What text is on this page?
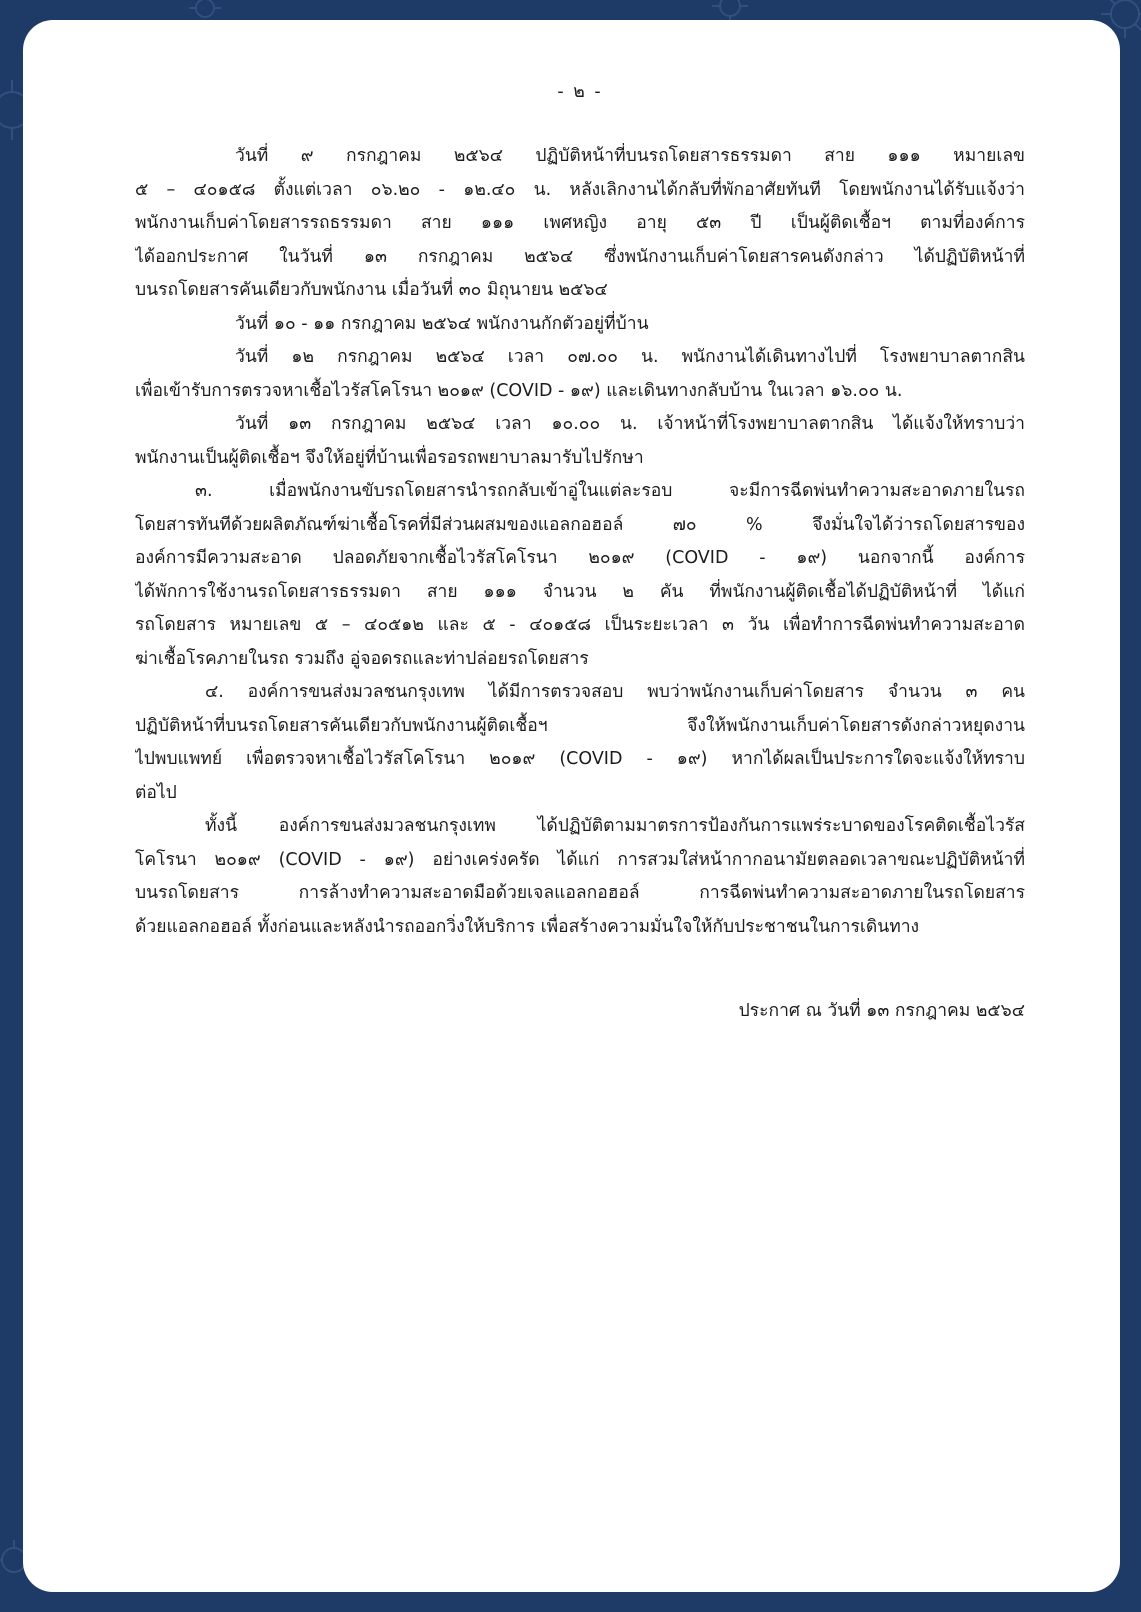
- ๒ -
วันที่ ๙ กรกฎาคม ๒๕๖๔ ปฏิบัติหน้าที่บนรถโดยสารธรรมดา สาย ๑๑๑ หมายเลข
๕ – ๔๐๑๕๘ ตั้งแต่เวลา ๐๖.๒๐ - ๑๒.๔๐ น. หลังเลิกงานได้กลับที่พักอาศัยทันที โดยพนักงานได้รับแจ้งว่า
พนักงานเก็บค่าโดยสารรถธรรมดา สาย ๑๑๑ เพศหญิง อายุ ๕๓ ปี เป็นผู้ติดเชื้อฯ ตามที่องค์การ
ได้ออกประกาศ ในวันที่ ๑๓ กรกฎาคม ๒๕๖๔ ซึ่งพนักงานเก็บค่าโดยสารคนดังกล่าว ได้ปฏิบัติหน้าที่
บนรถโดยสารคันเดียวกับพนักงาน เมื่อวันที่ ๓๐ มิถุนายน ๒๕๖๔
วันที่ ๑๐ - ๑๑ กรกฎาคม ๒๕๖๔ พนักงานกักตัวอยู่ที่บ้าน
วันที่ ๑๒ กรกฎาคม ๒๕๖๔ เวลา ๐๗.๐๐ น. พนักงานได้เดินทางไปที่ โรงพยาบาลตากสิน
เพื่อเข้ารับการตรวจหาเชื้อไวรัสโคโรนา ๒๐๑๙ (COVID - ๑๙) และเดินทางกลับบ้าน ในเวลา ๑๖.๐๐ น.
วันที่ ๑๓ กรกฎาคม ๒๕๖๔ เวลา ๑๐.๐๐ น. เจ้าหน้าที่โรงพยาบาลตากสิน ได้แจ้งให้ทราบว่า
พนักงานเป็นผู้ติดเชื้อฯ จึงให้อยู่ที่บ้านเพื่อรอรถพยาบาลมารับไปรักษา
๓. เมื่อพนักงานขับรถโดยสารนำรถกลับเข้าอู่ในแต่ละรอบ จะมีการฉีดพ่นทำความสะอาดภายในรถ
โดยสารทันทีด้วยผลิตภัณฑ์ฆ่าเชื้อโรคที่มีส่วนผสมของแอลกอฮอล์ ๗๐ % จึงมั่นใจได้ว่ารถโดยสารของ
องค์การมีความสะอาด ปลอดภัยจากเชื้อไวรัสโคโรนา ๒๐๑๙ (COVID - ๑๙) นอกจากนี้ องค์การ
ได้พักการใช้งานรถโดยสารธรรมดา สาย ๑๑๑ จำนวน ๒ คัน ที่พนักงานผู้ติดเชื้อได้ปฏิบัติหน้าที่ ได้แก่
รถโดยสาร หมายเลข ๕ – ๔๐๕๑๒ และ ๕ - ๔๐๑๕๘ เป็นระยะเวลา ๓ วัน เพื่อทำการฉีดพ่นทำความสะอาด
ฆ่าเชื้อโรคภายในรถ รวมถึง อู่จอดรถและท่าปล่อยรถโดยสาร
๔. องค์การขนส่งมวลชนกรุงเทพ ได้มีการตรวจสอบ พบว่าพนักงานเก็บค่าโดยสาร จำนวน ๓ คน
ปฏิบัติหน้าที่บนรถโดยสารคันเดียวกับพนักงานผู้ติดเชื้อฯ จึงให้พนักงานเก็บค่าโดยสารดังกล่าวหยุดงาน
ไปพบแพทย์ เพื่อตรวจหาเชื้อไวรัสโคโรนา ๒๐๑๙ (COVID - ๑๙) หากได้ผลเป็นประการใดจะแจ้งให้ทราบ
ต่อไป
ทั้งนี้ องค์การขนส่งมวลชนกรุงเทพ ได้ปฏิบัติตามมาตรการป้องกันการแพร่ระบาดของโรคติดเชื้อไวรัส
โคโรนา ๒๐๑๙ (COVID - ๑๙) อย่างเคร่งครัด ได้แก่ การสวมใส่หน้ากากอนามัยตลอดเวลาขณะปฏิบัติหน้าที่
บนรถโดยสาร การล้างทำความสะอาดมือด้วยเจลแอลกอฮอล์ การฉีดพ่นทำความสะอาดภายในรถโดยสาร
ด้วยแอลกอฮอล์ ทั้งก่อนและหลังนำรถออกวิ่งให้บริการ เพื่อสร้างความมั่นใจให้กับประชาชนในการเดินทาง
ประกาศ ณ วันที่ ๑๓ กรกฎาคม ๒๕๖๔
